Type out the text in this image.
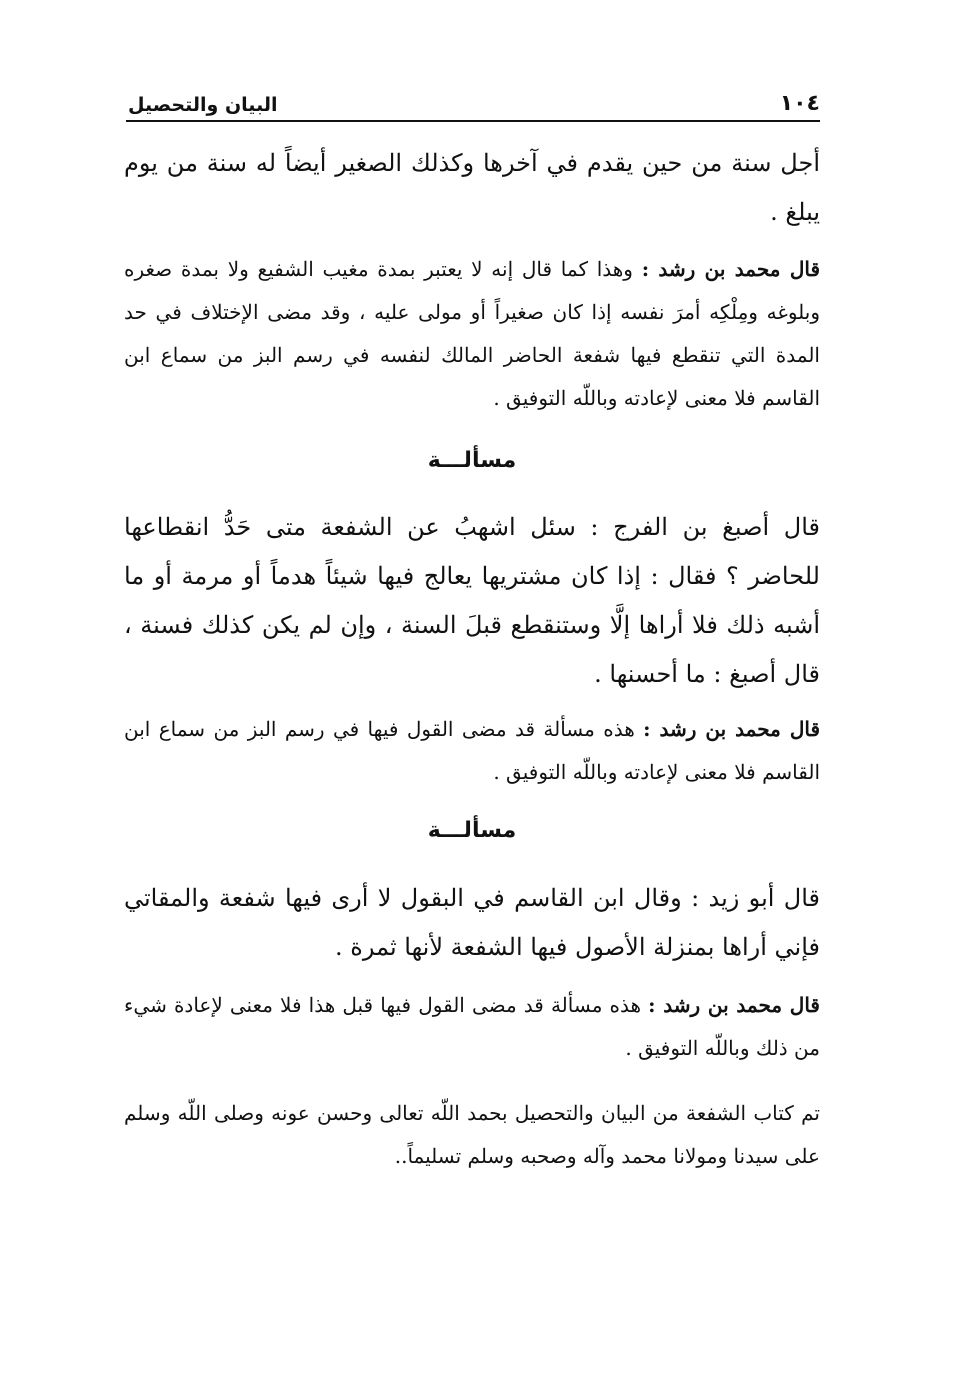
١٠٤
البيان والتحصيل

أجل سنة من حين يقدم في آخرها وكذلك الصغير أيضاً له سنة من يوم يبلغ .

قال محمد بن رشد : وهذا كما قال إنه لا يعتبر بمدة مغيب الشفيع ولا بمدة صغره وبلوغه ومِلْكِه أمرَ نفسه إذا كان صغيراً أو مولى عليه ، وقد مضى الإختلاف في حد المدة التي تنقطع فيها شفعة الحاضر المالك لنفسه في رسم البز من سماع ابن القاسم فلا معنى لإعادته وباللّه التوفيق .

مسألـــة

قال أصبغ بن الفرج : سئل اشهبُ عن الشفعة متى حَدُّ انقطاعها للحاضر ؟ فقال : إذا كان مشتريها يعالج فيها شيئاً هدماً أو مرمة أو ما أشبه ذلك فلا أراها إلَّا وستنقطع قبلَ السنة ، وإن لم يكن كذلك فسنة ، قال أصبغ : ما أحسنها .

قال محمد بن رشد : هذه مسألة قد مضى القول فيها في رسم البز من سماع ابن القاسم فلا معنى لإعادته وباللّه التوفيق .

مسألـــة

قال أبو زيد : وقال ابن القاسم في البقول لا أرى فيها شفعة والمقاتي فإني أراها بمنزلة الأصول فيها الشفعة لأنها ثمرة .

قال محمد بن رشد : هذه مسألة قد مضى القول فيها قبل هذا فلا معنى لإعادة شيء من ذلك وباللّه التوفيق .

تم كتاب الشفعة من البيان والتحصيل بحمد اللّه تعالى وحسن عونه وصلى اللّه وسلم على سيدنا ومولانا محمد وآله وصحبه وسلم تسليماً..
